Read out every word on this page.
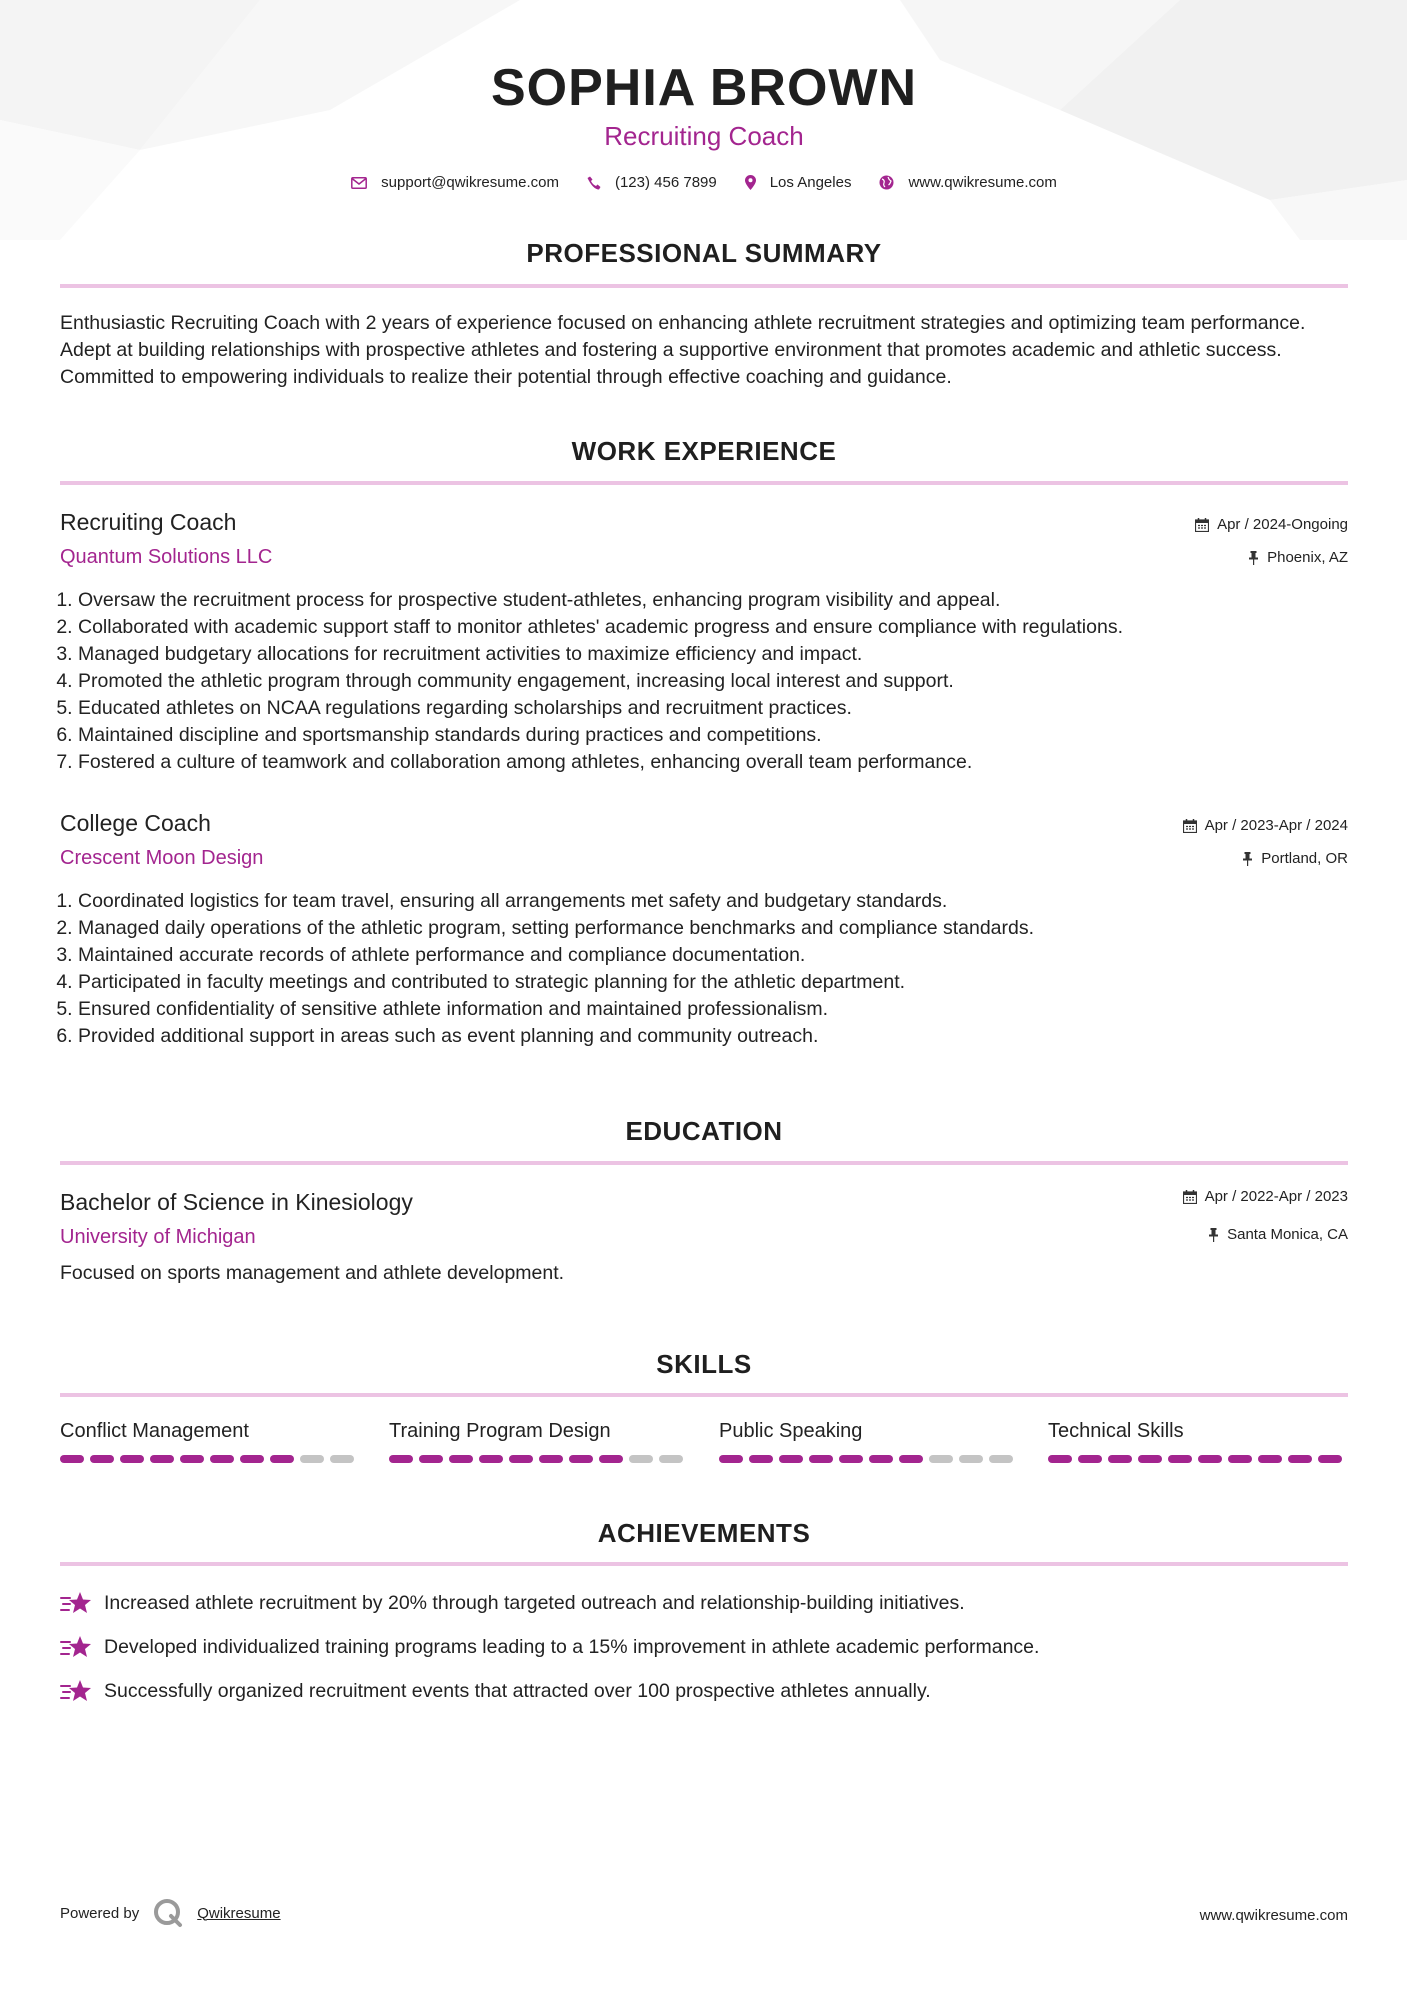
SOPHIA BROWN
Recruiting Coach
support@qwikresume.com	(123) 456 7899	Los Angeles	www.qwikresume.com
PROFESSIONAL SUMMARY
Enthusiastic Recruiting Coach with 2 years of experience focused on enhancing athlete recruitment strategies and optimizing team performance. Adept at building relationships with prospective athletes and fostering a supportive environment that promotes academic and athletic success. Committed to empowering individuals to realize their potential through effective coaching and guidance.
WORK EXPERIENCE
Recruiting Coach
Quantum Solutions LLC
Apr / 2024-Ongoing
Phoenix, AZ
1. Oversaw the recruitment process for prospective student-athletes, enhancing program visibility and appeal.
2. Collaborated with academic support staff to monitor athletes' academic progress and ensure compliance with regulations.
3. Managed budgetary allocations for recruitment activities to maximize efficiency and impact.
4. Promoted the athletic program through community engagement, increasing local interest and support.
5. Educated athletes on NCAA regulations regarding scholarships and recruitment practices.
6. Maintained discipline and sportsmanship standards during practices and competitions.
7. Fostered a culture of teamwork and collaboration among athletes, enhancing overall team performance.
College Coach
Crescent Moon Design
Apr / 2023-Apr / 2024
Portland, OR
1. Coordinated logistics for team travel, ensuring all arrangements met safety and budgetary standards.
2. Managed daily operations of the athletic program, setting performance benchmarks and compliance standards.
3. Maintained accurate records of athlete performance and compliance documentation.
4. Participated in faculty meetings and contributed to strategic planning for the athletic department.
5. Ensured confidentiality of sensitive athlete information and maintained professionalism.
6. Provided additional support in areas such as event planning and community outreach.
EDUCATION
Bachelor of Science in Kinesiology
University of Michigan
Apr / 2022-Apr / 2023
Santa Monica, CA
Focused on sports management and athlete development.
SKILLS
Conflict Management	Training Program Design	Public Speaking	Technical Skills
ACHIEVEMENTS
Increased athlete recruitment by 20% through targeted outreach and relationship-building initiatives.
Developed individualized training programs leading to a 15% improvement in athlete academic performance.
Successfully organized recruitment events that attracted over 100 prospective athletes annually.
Powered by	Qwikresume	www.qwikresume.com
